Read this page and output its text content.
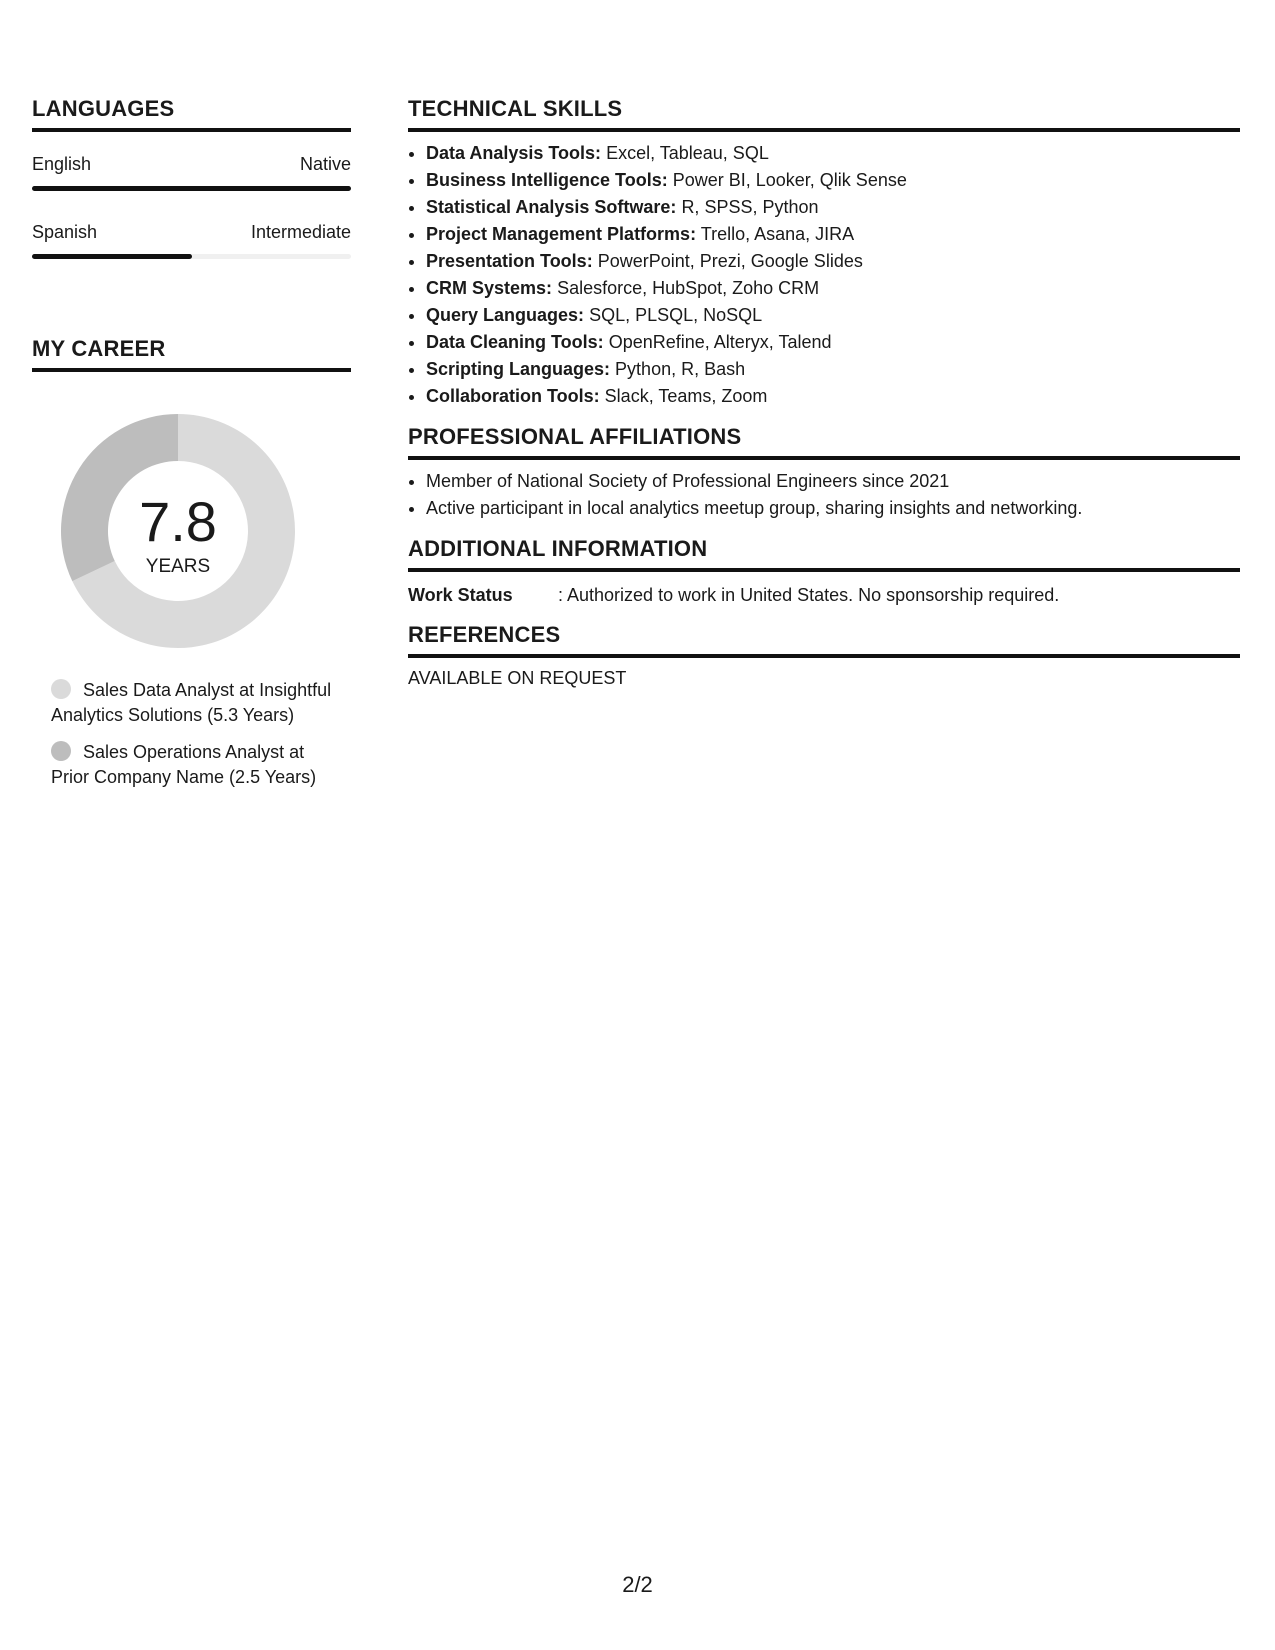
LANGUAGES
English	Native
Spanish	Intermediate
MY CAREER
7.8
YEARS
Sales Data Analyst at Insightful Analytics Solutions (5.3 Years)
Sales Operations Analyst at Prior Company Name (2.5 Years)
TECHNICAL SKILLS
• Data Analysis Tools: Excel, Tableau, SQL
• Business Intelligence Tools: Power BI, Looker, Qlik Sense
• Statistical Analysis Software: R, SPSS, Python
• Project Management Platforms: Trello, Asana, JIRA
• Presentation Tools: PowerPoint, Prezi, Google Slides
• CRM Systems: Salesforce, HubSpot, Zoho CRM
• Query Languages: SQL, PLSQL, NoSQL
• Data Cleaning Tools: OpenRefine, Alteryx, Talend
• Scripting Languages: Python, R, Bash
• Collaboration Tools: Slack, Teams, Zoom
PROFESSIONAL AFFILIATIONS
• Member of National Society of Professional Engineers since 2021
• Active participant in local analytics meetup group, sharing insights and networking.
ADDITIONAL INFORMATION
Work Status	: Authorized to work in United States. No sponsorship required.
REFERENCES
AVAILABLE ON REQUEST
2/2
